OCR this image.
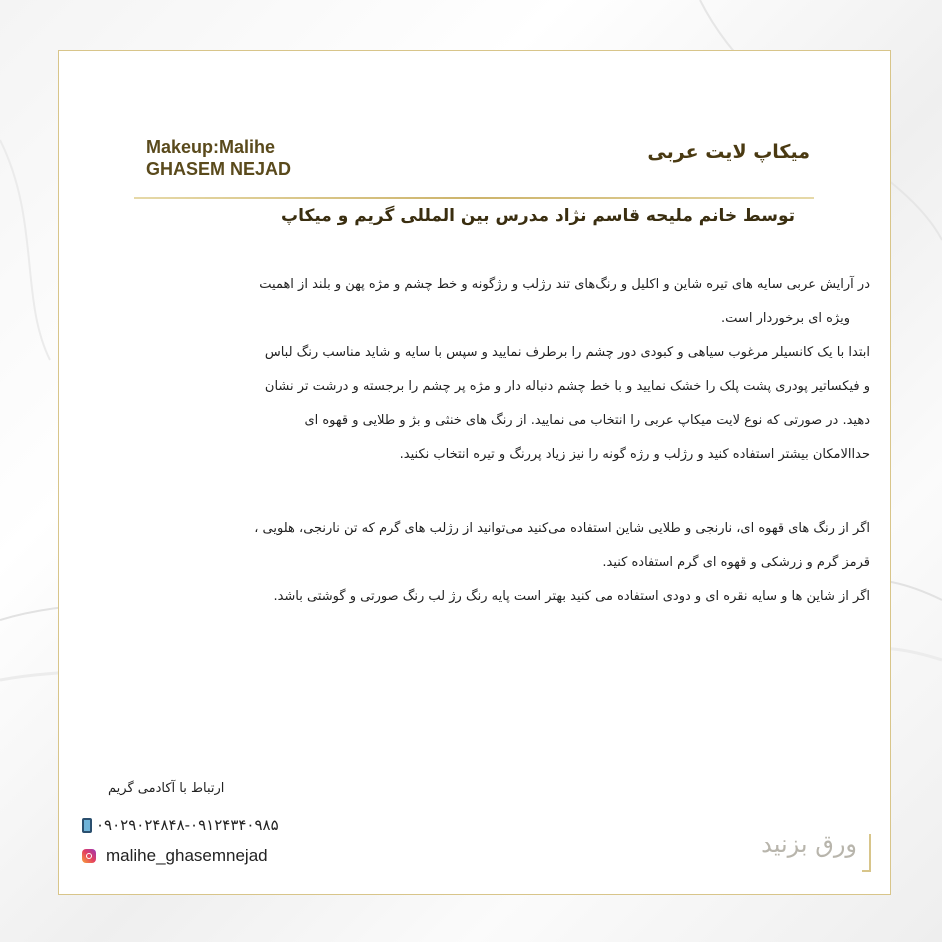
Makeup:Malihe
GHASEM NEJAD
میکاپ لایت عربی
توسط خانم ملیحه قاسم نژاد مدرس بین المللی گریم و میکاپ
در آرایش عربی سایه های تیره شاین و اکلیل و رنگ‌های تند رژلب و رژگونه و خط چشم و مژه پهن و بلند از اهمیت
ویژه ای برخوردار است.
ابتدا با یک کانسیلر مرغوب سیاهی و کبودی دور چشم را برطرف نمایید و سپس با سایه و شاید مناسب رنگ لباس
و فیکساتیر پودری پشت پلک را خشک نمایید و با خط چشم دنباله دار و مژه پر چشم را برجسته و درشت تر نشان
دهید. در صورتی که نوع لایت میکاپ عربی را انتخاب می نمایید. از رنگ های خنثی و بژ و طلایی و قهوه ای
حداالامکان بیشتر استفاده کنید و رژلب و رژه گونه را نیز زیاد پررنگ و تیره انتخاب نکنید.
اگر از رنگ های قهوه ای، نارنجی و طلایی شاین استفاده می‌کنید می‌توانید از رژلب های گرم که تن نارنجی، هلویی ،
قرمز گرم و زرشکی و قهوه ای گرم استفاده کنید.
اگر از شاین ها و سایه نقره ای و دودی استفاده می کنید بهتر است پایه رنگ رژ لب رنگ صورتی و گوشتی باشد.
ارتباط با آکادمی گریم
۰۹۰۲۹۰۲۴۸۴۸-۰۹۱۲۴۳۴۰۹۸۵
malihe_ghasemnejad	ورق بزنید
